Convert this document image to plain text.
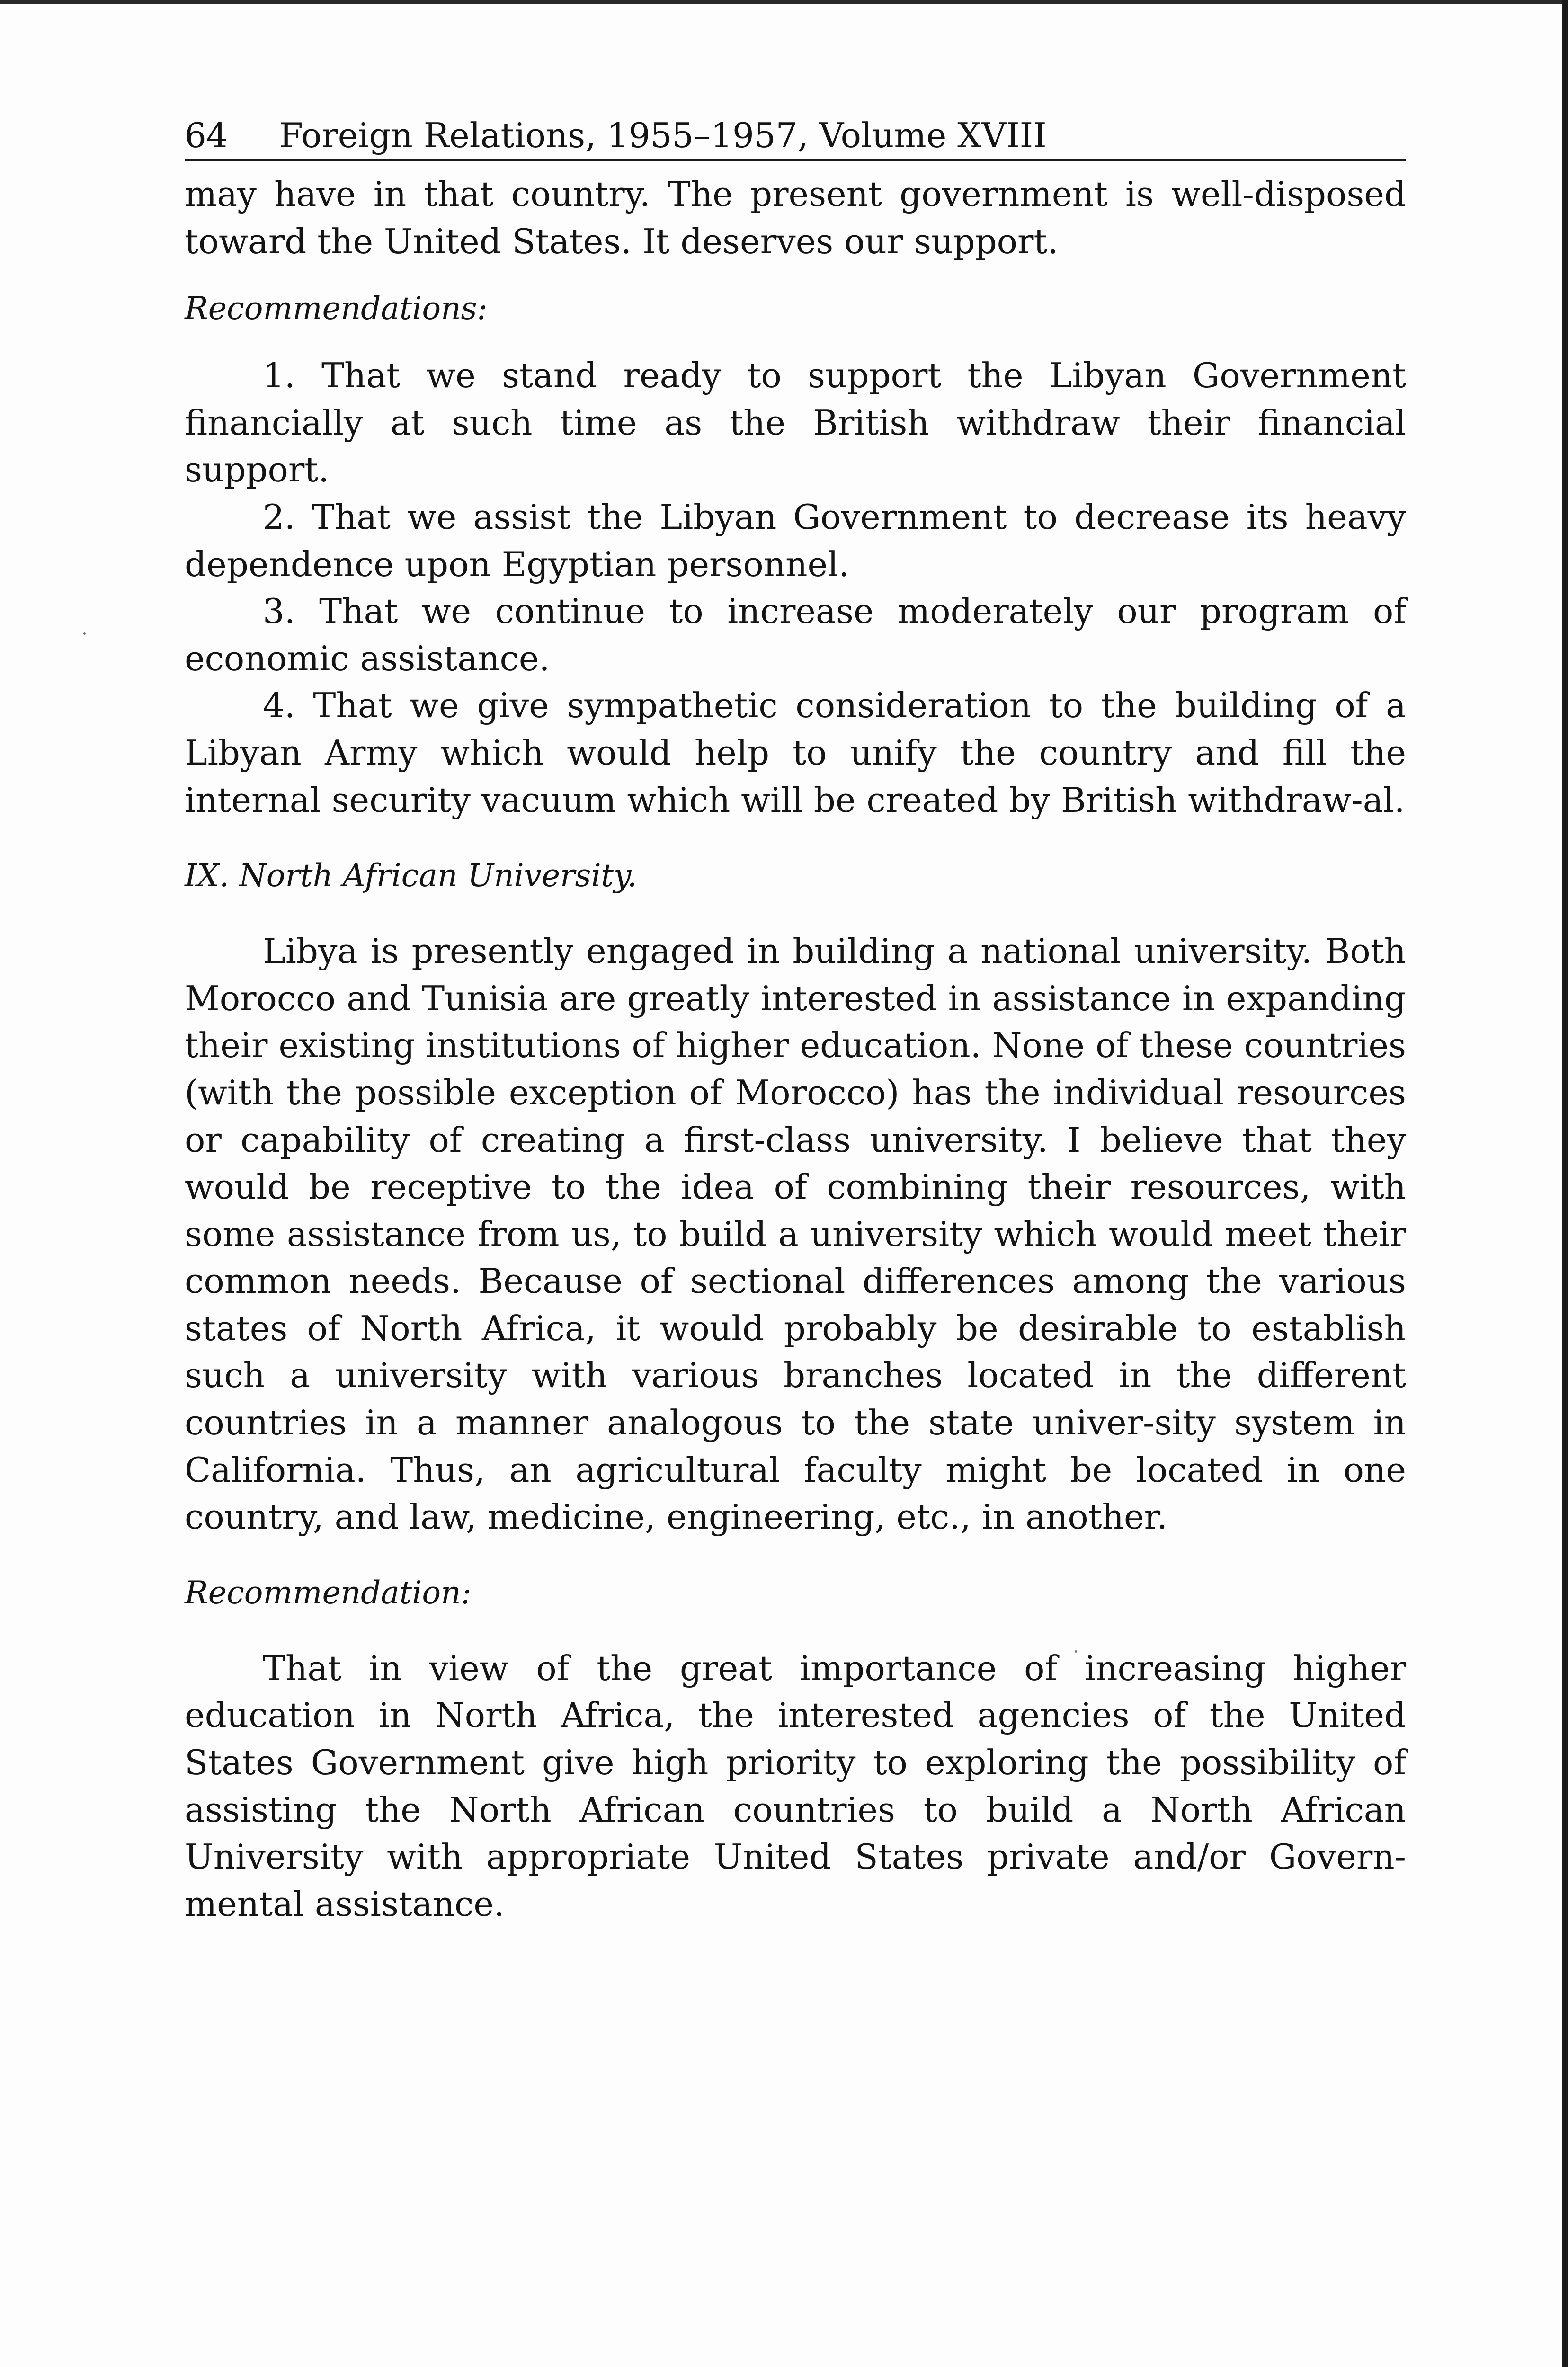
64 Foreign Relations, 1955–1957, Volume XVIII

may have in that country. The present government is well-disposed toward the United States. It deserves our support.

Recommendations:

1. That we stand ready to support the Libyan Government financially at such time as the British withdraw their financial support.

2. That we assist the Libyan Government to decrease its heavy dependence upon Egyptian personnel.

3. That we continue to increase moderately our program of economic assistance.

4. That we give sympathetic consideration to the building of a Libyan Army which would help to unify the country and fill the internal security vacuum which will be created by British withdraw-al.

IX. North African University.

Libya is presently engaged in building a national university. Both Morocco and Tunisia are greatly interested in assistance in expanding their existing institutions of higher education. None of these countries (with the possible exception of Morocco) has the individual resources or capability of creating a first-class university. I believe that they would be receptive to the idea of combining their resources, with some assistance from us, to build a university which would meet their common needs. Because of sectional differences among the various states of North Africa, it would probably be desirable to establish such a university with various branches located in the different countries in a manner analogous to the state univer-sity system in California. Thus, an agricultural faculty might be located in one country, and law, medicine, engineering, etc., in another.

Recommendation:

That in view of the great importance of increasing higher education in North Africa, the interested agencies of the United States Government give high priority to exploring the possibility of assisting the North African countries to build a North African University with appropriate United States private and/or Govern-mental assistance.
